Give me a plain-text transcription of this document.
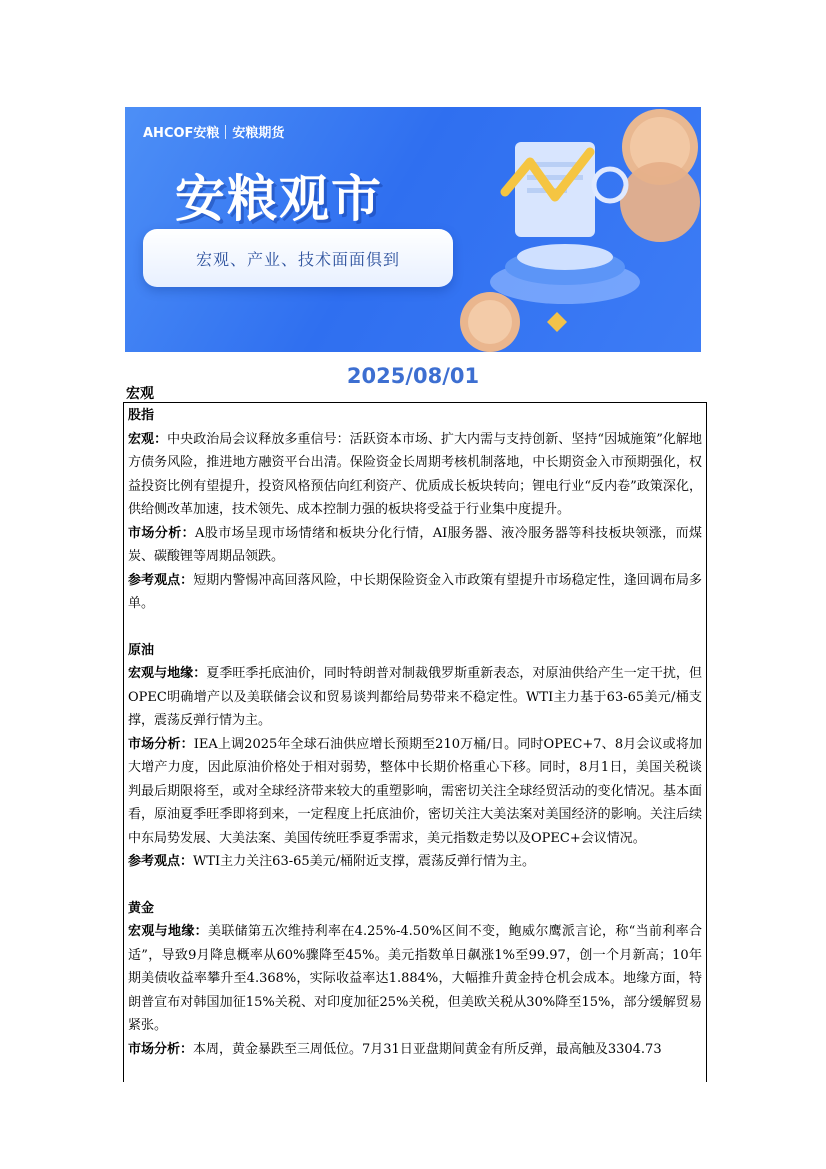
AHCOF安粮 安粮期货
安粮观市
宏观、产业、技术面面俱到
2025/08/01
宏观

股指

宏观：中央政治局会议释放多重信号：活跃资本市场、扩大内需与支持创新、坚持“因城施策”化解地方债务风险，推进地方融资平台出清。保险资金长周期考核机制落地，中长期资金入市预期强化，权益投资比例有望提升，投资风格预估向红利资产、优质成长板块转向；锂电行业“反内卷”政策深化，供给侧改革加速，技术领先、成本控制力强的板块将受益于行业集中度提升。

市场分析：A股市场呈现市场情绪和板块分化行情，AI服务器、液冷服务器等科技板块领涨，而煤炭、碳酸锂等周期品领跌。

参考观点：短期内警惕冲高回落风险，中长期保险资金入市政策有望提升市场稳定性，逢回调布局多单。

原油

宏观与地缘：夏季旺季托底油价，同时特朗普对制裁俄罗斯重新表态，对原油供给产生一定干扰，但OPEC明确增产以及美联储会议和贸易谈判都给局势带来不稳定性。WTI主力基于63-65美元/桶支撑，震荡反弹行情为主。

市场分析：IEA上调2025年全球石油供应增长预期至210万桶/日。同时OPEC+7、8月会议或将加大增产力度，因此原油价格处于相对弱势，整体中长期价格重心下移。同时，8月1日，美国关税谈判最后期限将至，或对全球经济带来较大的重塑影响，需密切关注全球经贸活动的变化情况。基本面看，原油夏季旺季即将到来，一定程度上托底油价，密切关注大美法案对美国经济的影响。关注后续中东局势发展、大美法案、美国传统旺季夏季需求，美元指数走势以及OPEC+会议情况。

参考观点：WTI主力关注63-65美元/桶附近支撑，震荡反弹行情为主。

黄金

宏观与地缘：美联储第五次维持利率在4.25%-4.50%区间不变，鲍威尔鹰派言论，称“当前利率合适”，导致9月降息概率从60%骤降至45%。美元指数单日飙涨1%至99.97，创一个月新高；10年期美债收益率攀升至4.368%，实际收益率达1.884%，大幅推升黄金持仓机会成本。地缘方面，特朗普宣布对韩国加征15%关税、对印度加征25%关税，但美欧关税从30%降至15%，部分缓解贸易紧张。

市场分析：本周，黄金暴跌至三周低位。7月31日亚盘期间黄金有所反弹，最高触及3304.73
